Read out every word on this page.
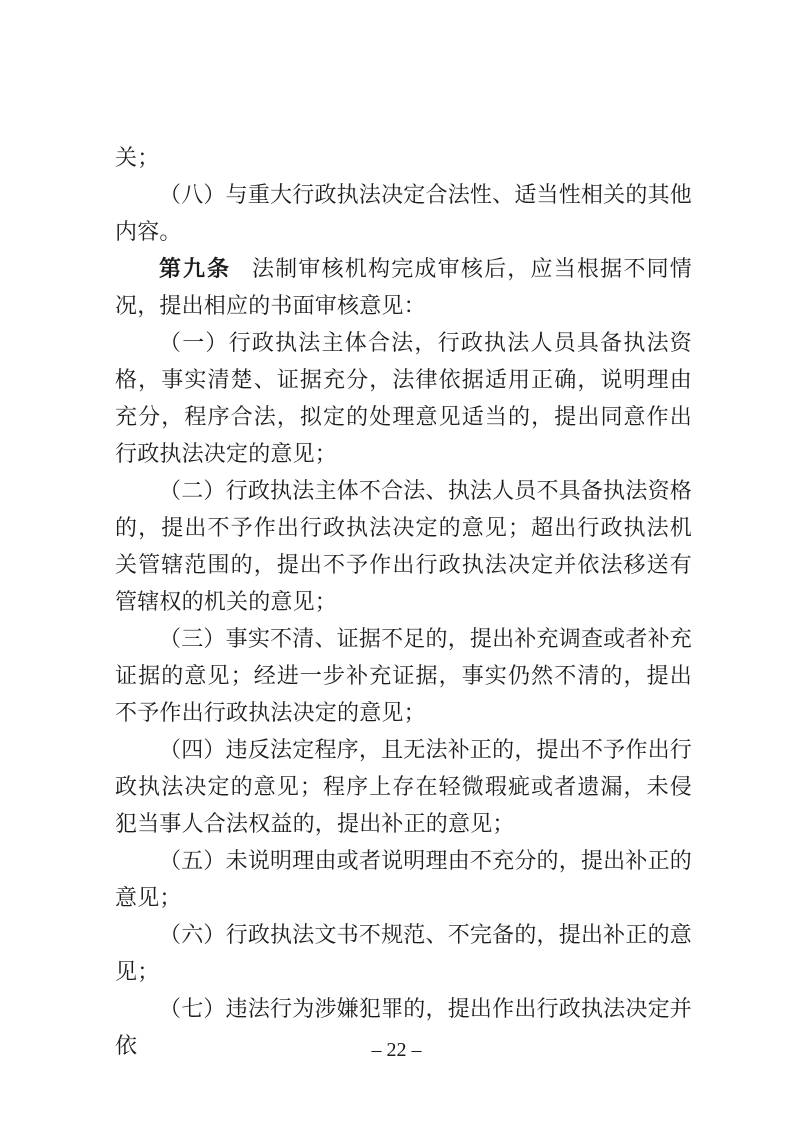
关；

（八）与重大行政执法决定合法性、适当性相关的其他内容。

第九条 法制审核机构完成审核后，应当根据不同情况，提出相应的书面审核意见：

（一）行政执法主体合法，行政执法人员具备执法资格，事实清楚、证据充分，法律依据适用正确，说明理由充分，程序合法，拟定的处理意见适当的，提出同意作出行政执法决定的意见；

（二）行政执法主体不合法、执法人员不具备执法资格的，提出不予作出行政执法决定的意见；超出行政执法机关管辖范围的，提出不予作出行政执法决定并依法移送有管辖权的机关的意见；

（三）事实不清、证据不足的，提出补充调查或者补充证据的意见；经进一步补充证据，事实仍然不清的，提出不予作出行政执法决定的意见；

（四）违反法定程序，且无法补正的，提出不予作出行政执法决定的意见；程序上存在轻微瑕疵或者遗漏，未侵犯当事人合法权益的，提出补正的意见；

（五）未说明理由或者说明理由不充分的，提出补正的意见；

（六）行政执法文书不规范、不完备的，提出补正的意见；

（七）违法行为涉嫌犯罪的，提出作出行政执法决定并依	– 22 –
